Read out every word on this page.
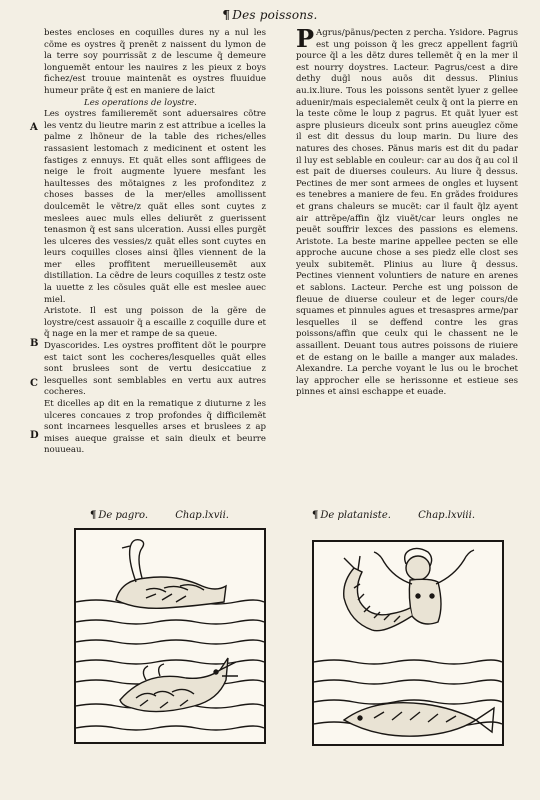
¶ Des poissons.
A
B
C
D

bestes encloses en coquilles dures ny a nul les cõme es oystres q̃ prenẽt z naissent du lymon de la terre soy pourrissãt z de lescume q̃ demeure longuemẽt entour les nauires z les pieux z boys fichez/est trouue maintenãt es oystres fluuidue humeur prãte q̃ est en maniere de laict

Les operations de loystre.

Les oystres familieremẽt sont aduersaires cõtre les ventz du lieutre marin z est attribue a icelles la palme z lhõneur de la table des riches/elles rassasient lestomach z medicinent et ostent les fastiges z ennuys. Et quãt elles sont affligees de neige le froit augmente lyuere mesfant les haultesses des mõtaignes z les profonditez z choses basses de la mer/elles amollissent doulcemẽt le vẽtre/z quãt elles sont cuytes z meslees auec muls elles deliurẽt z guerissent tenasmon q̃ est sans ulceration. Aussi elles purgẽt les ulceres des vessies/z quãt elles sont cuytes en leurs coquilles closes ainsi q̃lles viennent de la mer elles proffitent merueilleusemẽt aux distillation. La cẽdre de leurs coquilles z testz oste la uuette z les cõsules quãt elle est meslee auec miel.

Aristote. Il est ung poisson de la gẽre de loystre/cest assauoir q̃ a escaille z coquille dure et q̃ nage en la mer et rampe de sa queue.

Dyascorides. Les oystres proffitent dõt le pourpre est taict sont les cocheres/lesquelles quãt elles sont bruslees sont de vertu desiccatiue z lesquelles sont semblables en vertu aux autres cocheres.

Et dicelles ap dit en la rematique z diuturne z les ulceres concaues z trop profondes q̃ difficilemẽt sont incarnees lesquelles arses et bruslees z ap mises aueque graisse et sain dieulx et beurre nouueau.

P Agrus/pãnus/pecten z percha. Ysidore. Pagrus est ung poisson q̃ les grecz appellent fagriũ pource q̃l a les dẽtz dures tellemẽt q̃ en la mer il est nourry doystres. Lacteur. Pagrus/cest a dire dethy dug̃l nous auõs dit dessus. Plinius au.ix.liure. Tous les poissons sentẽt lyuer z gellee aduenir/mais especialemẽt ceulx q̃ ont la pierre en la teste cõme le loup z pagrus. Et quãt lyuer est aspre plusieurs diceulx sont prins aueuglez cõme il est dit dessus du loup marin. Du liure des natures des choses. Pãnus maris est dit du padar il luy est seblable en couleur: car au dos q̃ au col il est pait de diuerses couleurs. Au liure q̃ dessus. Pectines de mer sont armees de ongles et luysent es tenebres a maniere de feu. En grãdes froidures et grans chaleurs se mucẽt: car il fault q̃lz ayent air attrẽpe/affin q̃lz viuẽt/car leurs ongles ne peuẽt souffrir lexces des passions es elemens. Aristote. La beste marine appellee pecten se elle approche aucune chose a ses piedz elle clost ses yeulx subitemẽt. Plinius au liure q̃ dessus. Pectines viennent voluntiers de nature en arenes et sablons. Lacteur. Perche est ung poisson de fleuue de diuerse couleur et de leger cours/de squames et pinnules agues et tresaspres arme/par lesquelles il se deffend contre les gras poissons/affin que ceulx qui le chassent ne le assaillent. Deuant tous autres poissons de riuiere et de estang on le baille a manger aux malades. Alexandre. La perche voyant le lus ou le brochet lay approcher elle se herissonne et estieue ses pinnes et ainsi eschappe et euade.

¶ De pagro.	Chap.lxvii.	¶ De plataniste.	Chap.lxviii.
